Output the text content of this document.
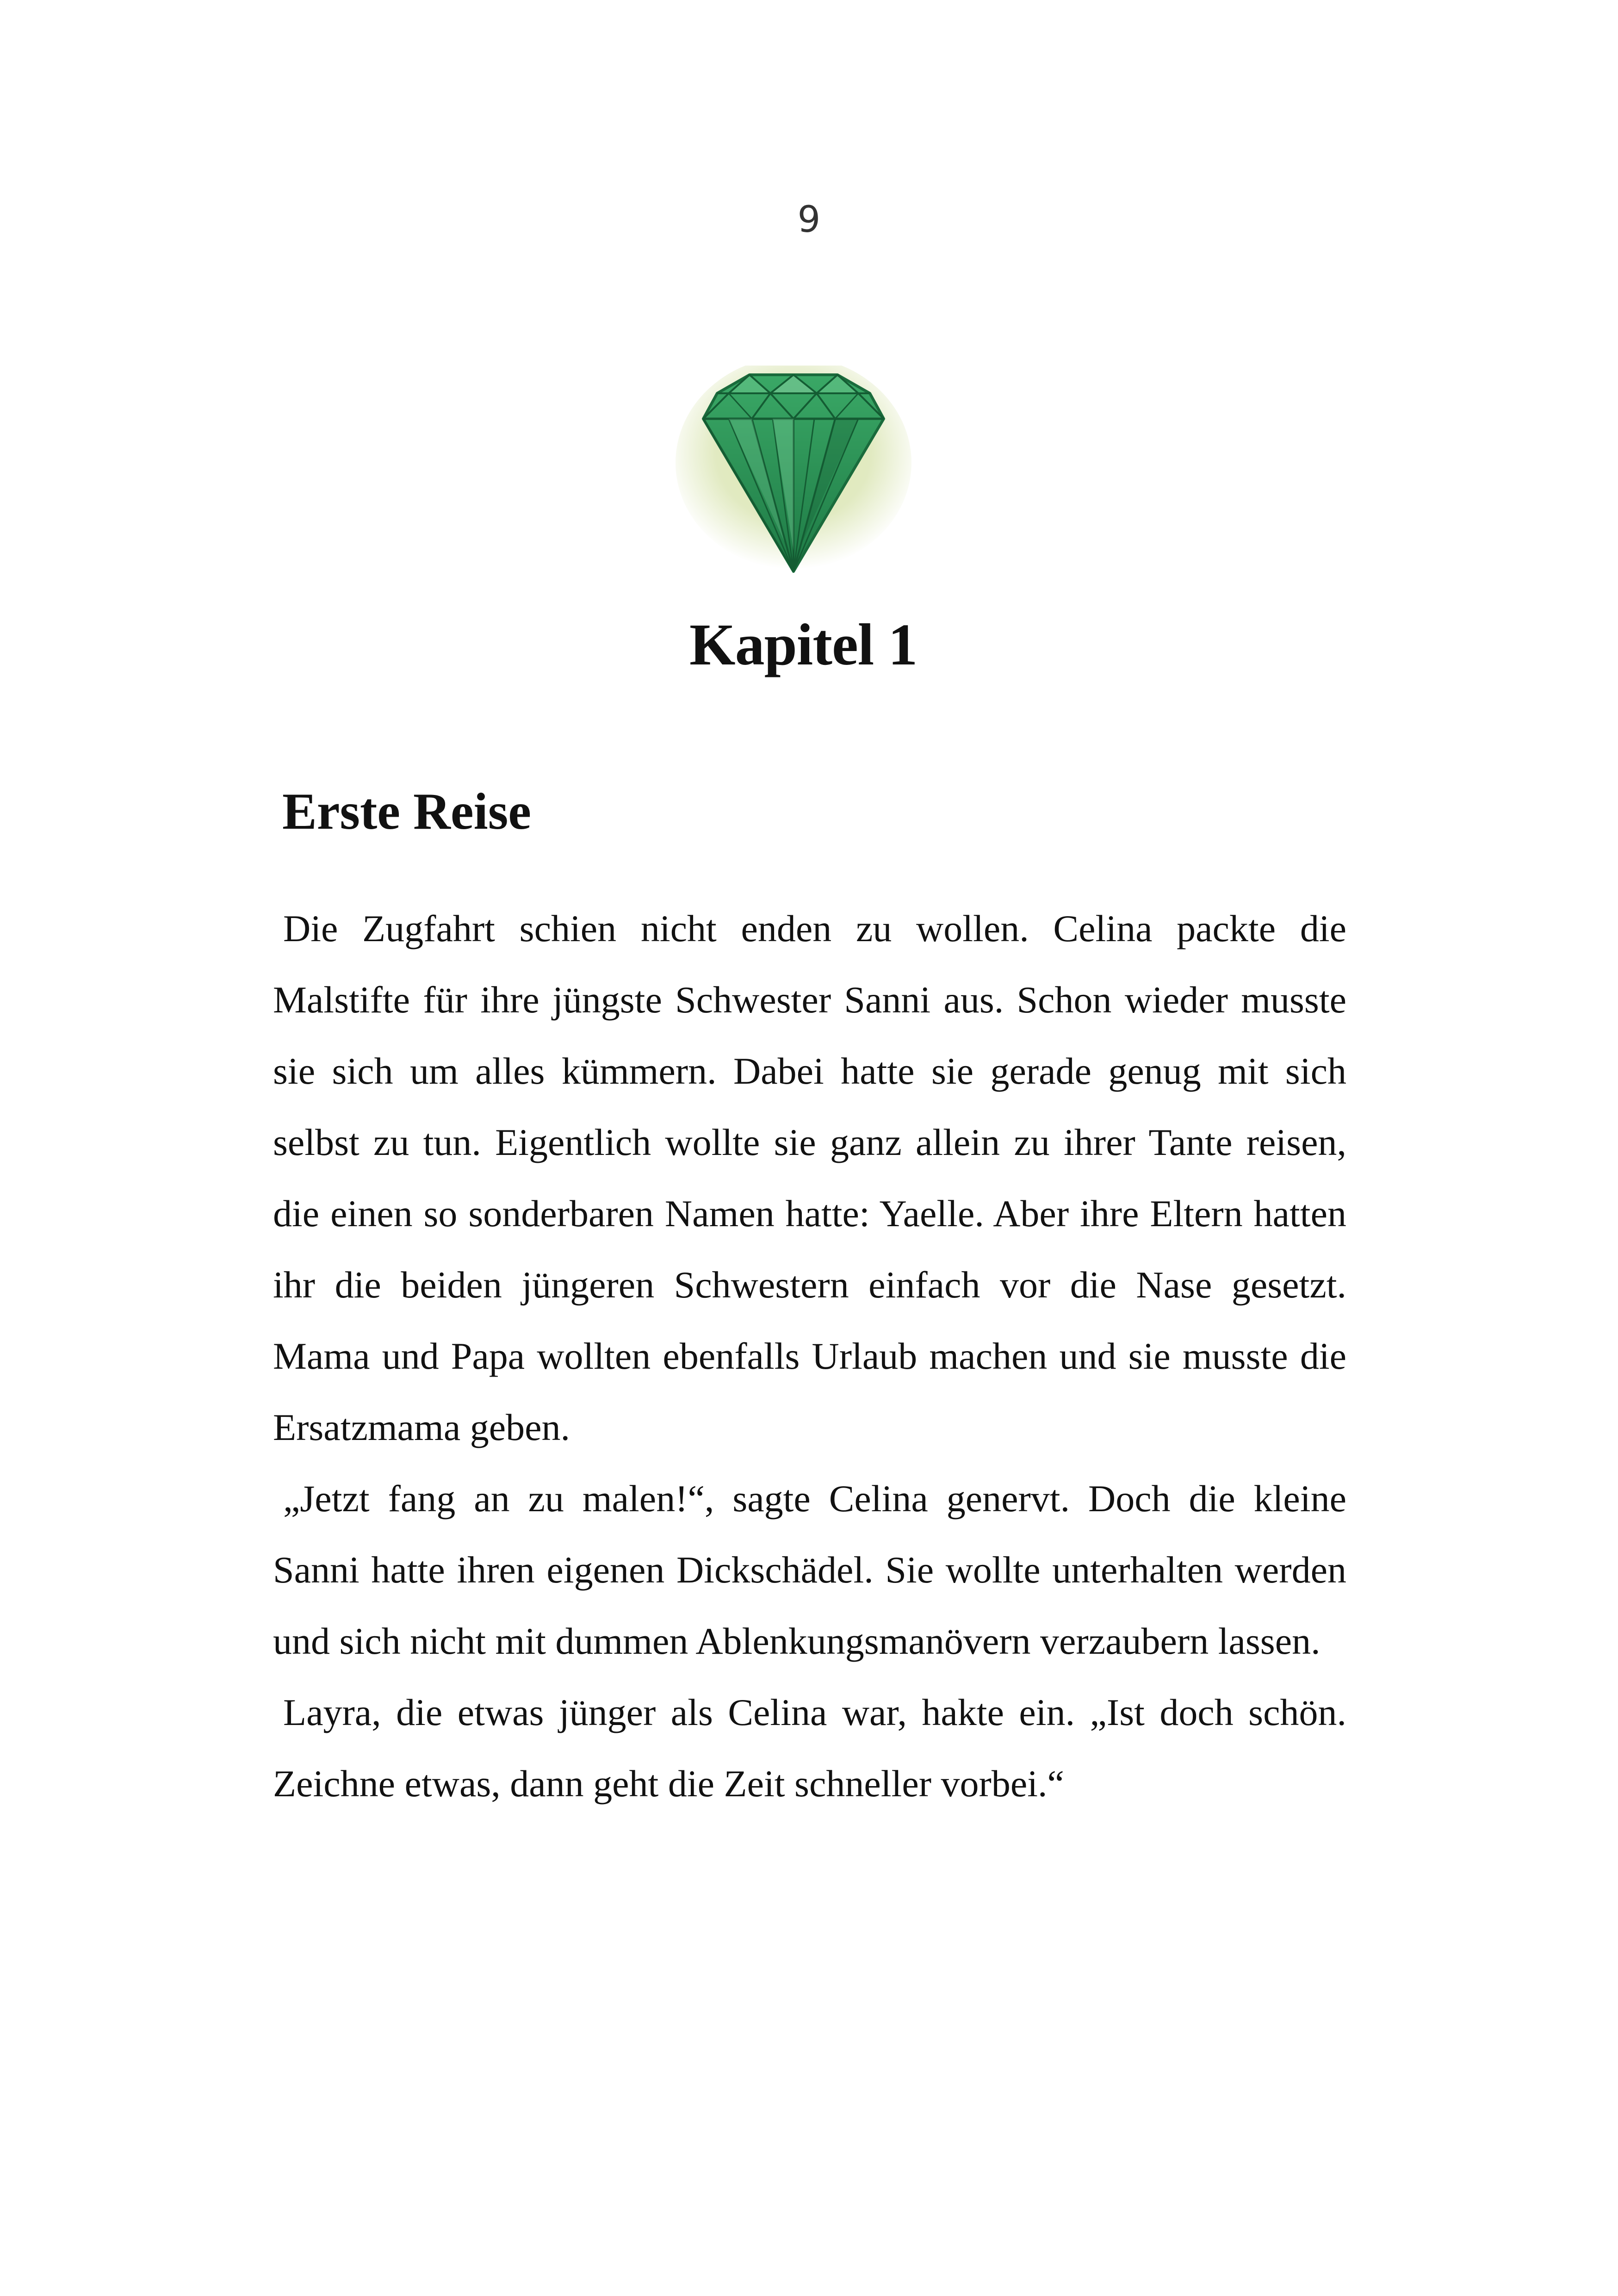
9
Kapitel 1
Erste Reise

Die Zugfahrt schien nicht enden zu wollen. Celina packte die Malstifte für ihre jüngste Schwester Sanni aus. Schon wieder musste sie sich um alles kümmern. Dabei hatte sie gerade genug mit sich selbst zu tun. Eigentlich wollte sie ganz allein zu ihrer Tante reisen, die einen so sonderbaren Namen hatte: Yaelle. Aber ihre Eltern hatten ihr die beiden jüngeren Schwestern einfach vor die Nase gesetzt. Mama und Papa wollten ebenfalls Urlaub machen und sie musste die Ersatzmama geben.

„Jetzt fang an zu malen!“, sagte Celina genervt. Doch die kleine Sanni hatte ihren eigenen Dickschädel. Sie wollte unterhalten werden und sich nicht mit dummen Ablenkungsmanövern verzaubern lassen.

Layra, die etwas jünger als Celina war, hakte ein. „Ist doch schön. Zeichne etwas, dann geht die Zeit schneller vorbei.“
